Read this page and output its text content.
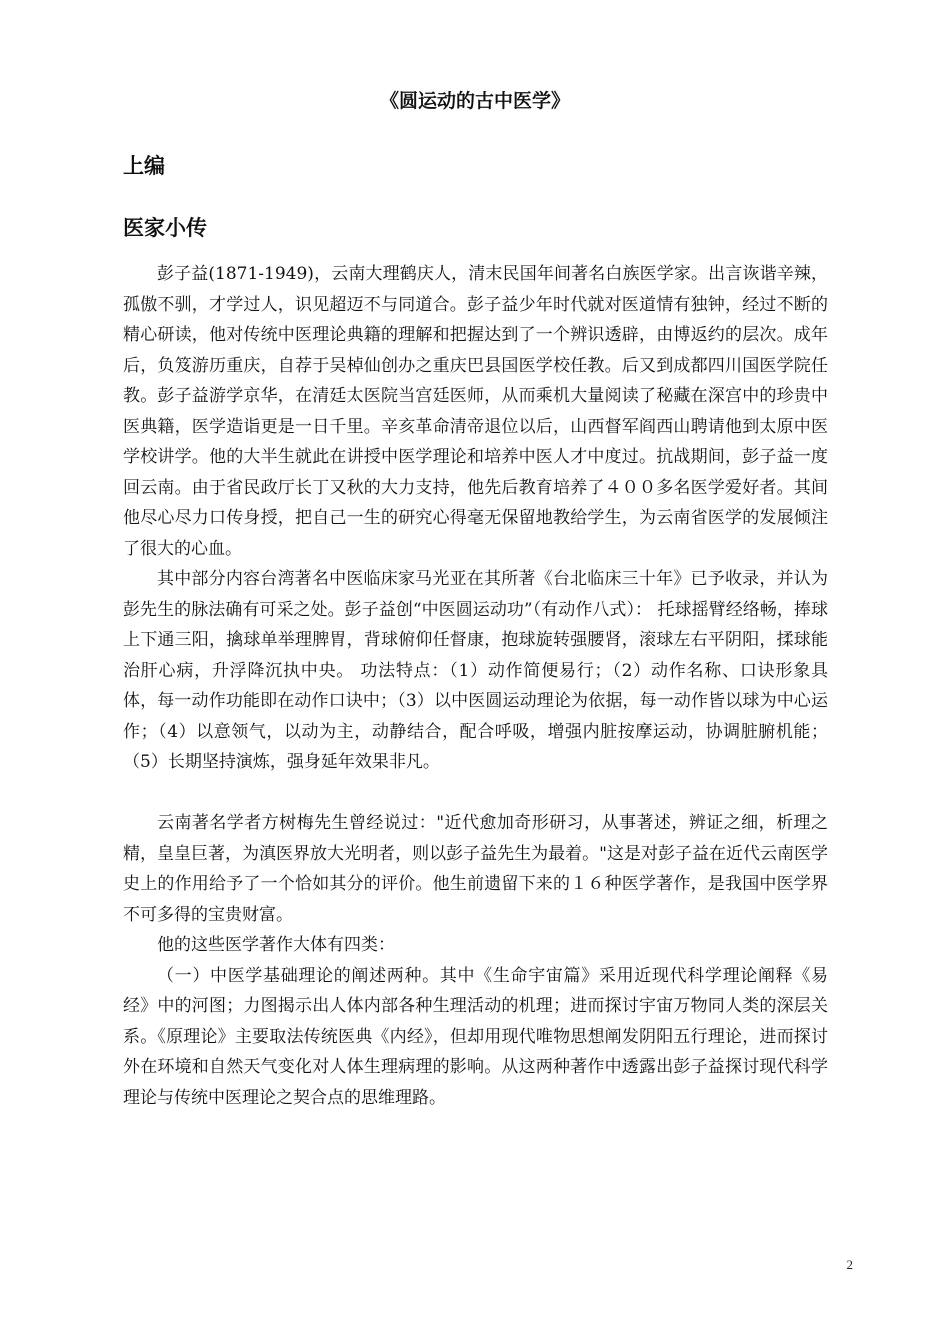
《圆运动的古中医学》
上编
医家小传

彭子益(1871-1949)，云南大理鹤庆人，清末民国年间著名白族医学家。出言诙谐辛辣，孤傲不驯，才学过人，识见超迈不与同道合。彭子益少年时代就对医道情有独钟，经过不断的精心研读，他对传统中医理论典籍的理解和把握达到了一个辨识透辟，由博返约的层次。成年后，负笈游历重庆，自荐于吴棹仙创办之重庆巴县国医学校任教。后又到成都四川国医学院任教。彭子益游学京华，在清廷太医院当宫廷医师，从而乘机大量阅读了秘藏在深宫中的珍贵中医典籍，医学造诣更是一日千里。辛亥革命清帝退位以后，山西督军阎西山聘请他到太原中医学校讲学。他的大半生就此在讲授中医学理论和培养中医人才中度过。抗战期间，彭子益一度回云南。由于省民政厅长丁又秋的大力支持，他先后教育培养了４００多名医学爱好者。其间他尽心尽力口传身授，把自己一生的研究心得毫无保留地教给学生，为云南省医学的发展倾注了很大的心血。

其中部分内容台湾著名中医临床家马光亚在其所著《台北临床三十年》已予收录，并认为彭先生的脉法确有可采之处。彭子益创“中医圆运动功”（有动作八式）： 托球摇臂经络畅，捧球上下通三阳，擒球单举理脾胃，背球俯仰任督康，抱球旋转强腰肾，滚球左右平阴阳，揉球能治肝心病，升浮降沉执中央。 功法特点：（1）动作简便易行；（2）动作名称、口诀形象具体，每一动作功能即在动作口诀中；（3）以中医圆运动理论为依据，每一动作皆以球为中心运作；（4）以意领气，以动为主，动静结合，配合呼吸，增强内脏按摩运动，协调脏腑机能；（5）长期坚持演炼，强身延年效果非凡。

云南著名学者方树梅先生曾经说过："近代愈加奇形研习，从事著述，辨证之细，析理之精，皇皇巨著，为滇医界放大光明者，则以彭子益先生为最着。"这是对彭子益在近代云南医学史上的作用给予了一个恰如其分的评价。他生前遗留下来的１６种医学著作，是我国中医学界不可多得的宝贵财富。

他的这些医学著作大体有四类：

（一）中医学基础理论的阐述两种。其中《生命宇宙篇》采用近现代科学理论阐释《易经》中的河图；力图揭示出人体内部各种生理活动的机理；进而探讨宇宙万物同人类的深层关系。《原理论》主要取法传统医典《内经》，但却用现代唯物思想阐发阴阳五行理论，进而探讨外在环境和自然天气变化对人体生理病理的影响。从这两种著作中透露出彭子益探讨现代科学理论与传统中医理论之契合点的思维理路。

2
